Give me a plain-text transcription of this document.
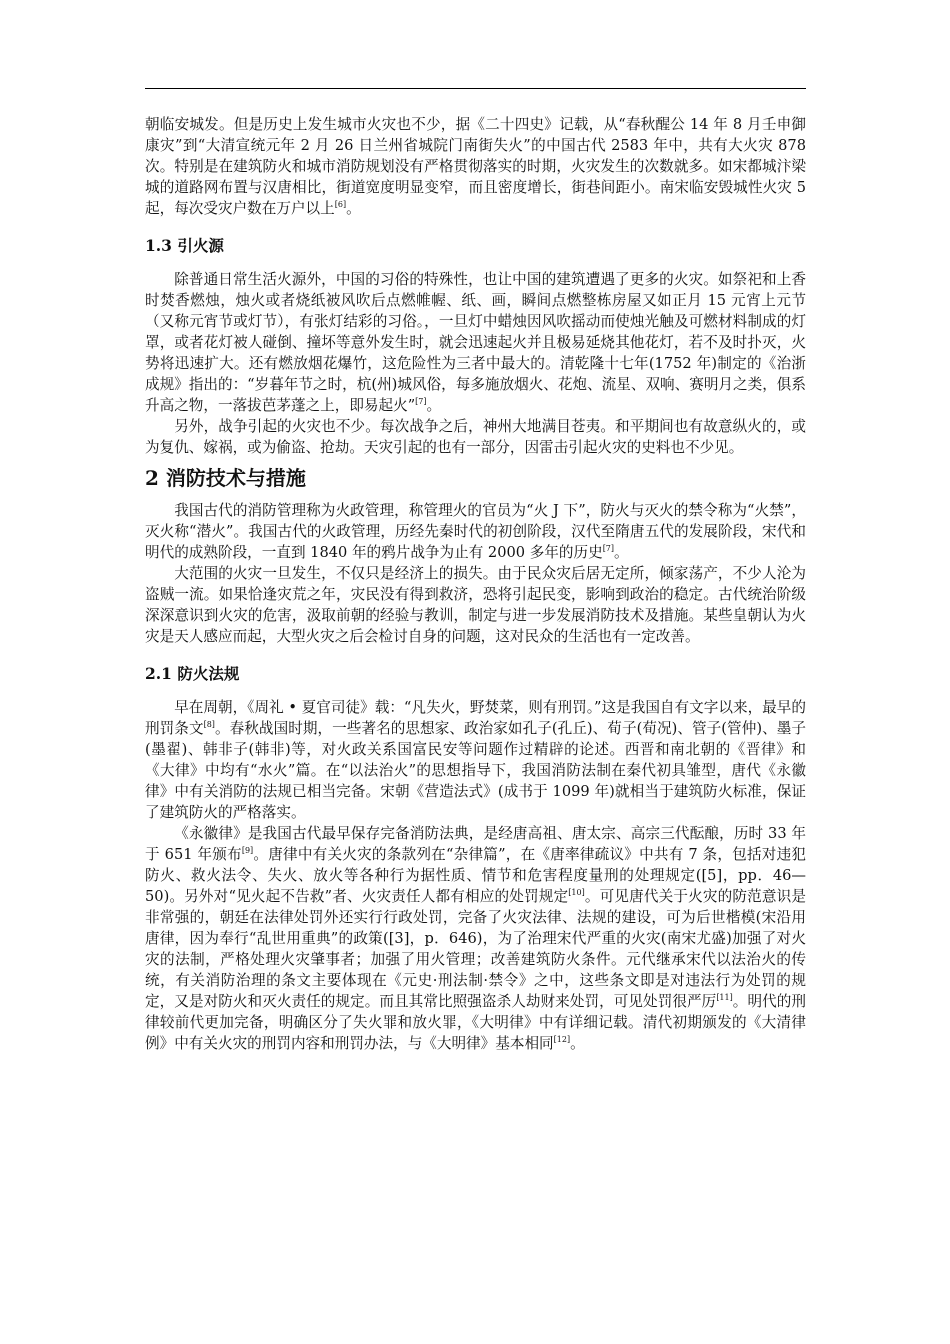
朝临安城发。但是历史上发生城市火灾也不少，据《二十四史》记载，从“春秋醒公 14 年 8 月壬申御康灾”到“大清宣统元年 2 月 26 日兰州省城院门南街失火”的中国古代 2583 年中，共有大火灾 878 次。特别是在建筑防火和城市消防规划没有严格贯彻落实的时期，火灾发生的次数就多。如宋都城汴梁城的道路网布置与汉唐相比，街道宽度明显变窄，而且密度增长，街巷间距小。南宋临安毁城性火灾 5 起，每次受灾户数在万户以上[6]。

1.3 引火源

除普通日常生活火源外，中国的习俗的特殊性，也让中国的建筑遭遇了更多的火灾。如祭祀和上香时焚香燃烛，烛火或者烧纸被风吹后点燃帷幄、纸、画，瞬间点燃整栋房屋又如正月 15 元宵上元节（又称元宵节或灯节），有张灯结彩的习俗。，一旦灯中蜡烛因风吹摇动而使烛光触及可燃材料制成的灯罩，或者花灯被人碰倒、撞坏等意外发生时，就会迅速起火并且极易延烧其他花灯，若不及时扑灭，火势将迅速扩大。还有燃放烟花爆竹，这危险性为三者中最大的。清乾隆十七年(1752 年)制定的《治浙成规》指出的：“岁暮年节之时，杭(州)城风俗，每多施放烟火、花炮、流星、双响、赛明月之类，俱系升高之物，一落拔芭茅蓬之上，即易起火”[7]。

另外，战争引起的火灾也不少。每次战争之后，神州大地满目苍夷。和平期间也有故意纵火的，或为复仇、嫁祸，或为偷盗、抢劫。天灾引起的也有一部分，因雷击引起火灾的史料也不少见。

2 消防技术与措施

我国古代的消防管理称为火政管理，称管理火的官员为“火 J 下”，防火与灭火的禁令称为“火禁”，灭火称“潜火”。我国古代的火政管理，历经先秦时代的初创阶段，汉代至隋唐五代的发展阶段，宋代和明代的成熟阶段，一直到 1840 年的鸦片战争为止有 2000 多年的历史[7]。

大范围的火灾一旦发生，不仅只是经济上的损失。由于民众灾后居无定所，倾家荡产，不少人沦为盗贼一流。如果恰逢灾荒之年，灾民没有得到救济，恐将引起民变，影响到政治的稳定。古代统治阶级深深意识到火灾的危害，汲取前朝的经验与教训，制定与进一步发展消防技术及措施。某些皇朝认为火灾是天人感应而起，大型火灾之后会检讨自身的问题，这对民众的生活也有一定改善。

2.1 防火法规

早在周朝，《周礼 • 夏官司徒》载：“凡失火，野焚菜，则有刑罚。”这是我国自有文字以来，最早的刑罚条文[8]。春秋战国时期，一些著名的思想家、政治家如孔子(孔丘)、荀子(荀况)、管子(管仲)、墨子(墨翟)、韩非子(韩非)等，对火政关系国富民安等问题作过精辟的论述。西晋和南北朝的《晋律》和《大律》中均有“水火”篇。在“以法治火”的思想指导下，我国消防法制在秦代初具雏型，唐代《永徽律》中有关消防的法规已相当完备。宋朝《营造法式》(成书于 1099 年)就相当于建筑防火标准，保证了建筑防火的严格落实。

《永徽律》是我国古代最早保存完备消防法典，是经唐高祖、唐太宗、高宗三代酝酿，历时 33 年于 651 年颁布[9]。唐律中有关火灾的条款列在“杂律篇”，在《唐率律疏议》中共有 7 条，包括对违犯防火、救火法令、失火、放火等各种行为据性质、情节和危害程度量刑的处理规定([5]，pp．46—50)。另外对“见火起不告救”者、火灾责任人都有相应的处罚规定[10]。可见唐代关于火灾的防范意识是非常强的，朝廷在法律处罚外还实行行政处罚，完备了火灾法律、法规的建设，可为后世楷模(宋沿用唐律，因为奉行“乱世用重典”的政策([3]，p．646)，为了治理宋代严重的火灾(南宋尤盛)加强了对火灾的法制，严格处理火灾肇事者；加强了用火管理；改善建筑防火条件。元代继承宋代以法治火的传统，有关消防治理的条文主要体现在《元史·刑法制·禁令》之中，这些条文即是对违法行为处罚的规定，又是对防火和灭火责任的规定。而且其常比照强盗杀人劫财来处罚，可见处罚很严厉[11]。明代的刑律较前代更加完备，明确区分了失火罪和放火罪，《大明律》中有详细记载。清代初期颁发的《大清律例》中有关火灾的刑罚内容和刑罚办法，与《大明律》基本相同[12]。
